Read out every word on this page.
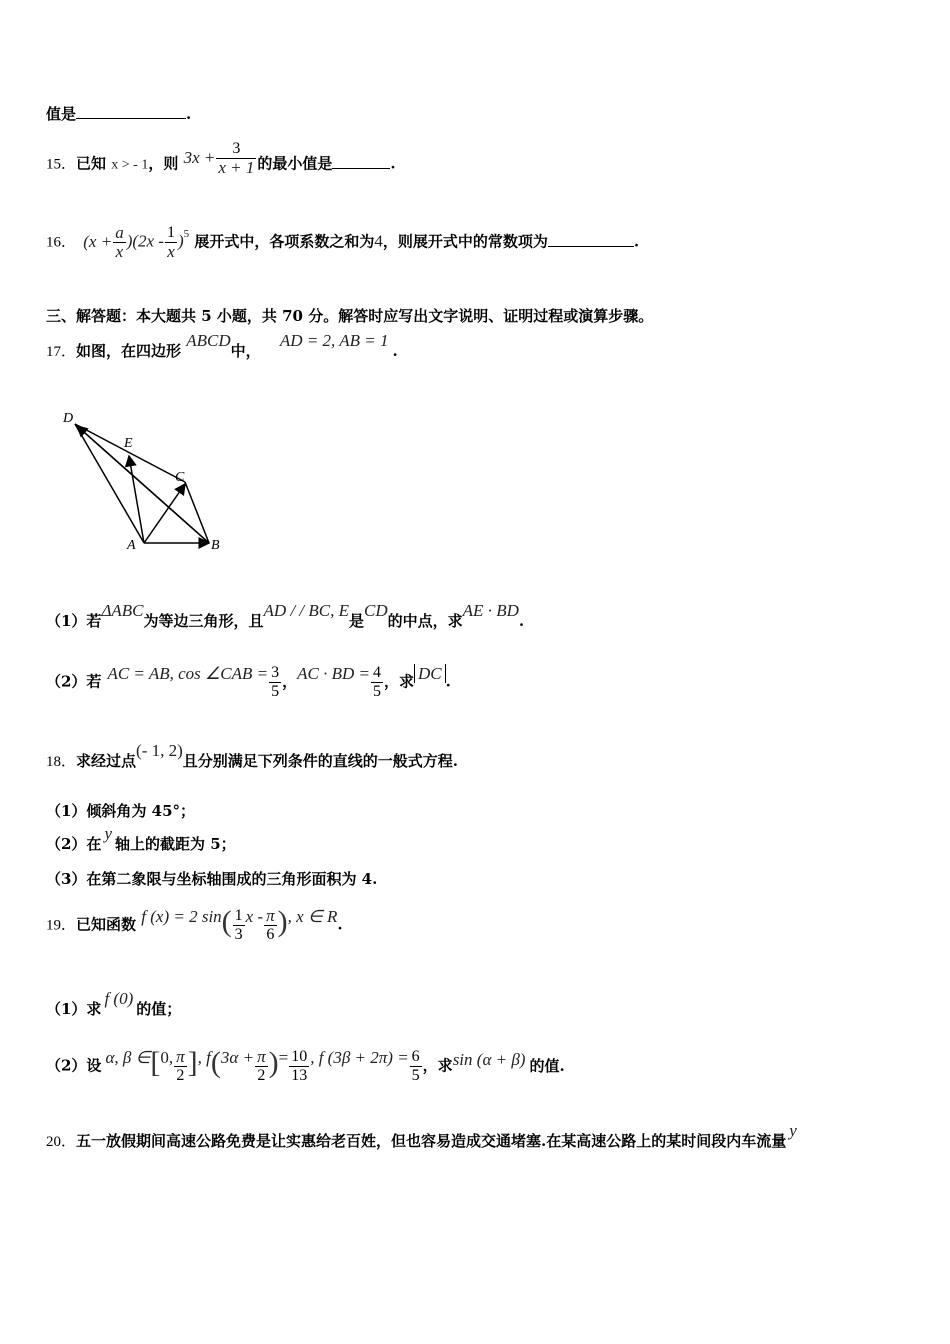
值是	.
15．已知 x > - 1，则 $3x + \frac{3}{x + 1}$ 的最小值是	.
16． $(x + \frac{a}{x} )(2x - \frac{1}{x} )^5$ 展开式中，各项系数之和为4，则展开式中的常数项为	.
三、解答题：本大题共 5 小题，共 70 分。解答时应写出文字说明、证明过程或演算步骤。
17．如图，在四边形 ABCD中， AD = 2, AB = 1.
D
E
C
A	B
（1）若ΔABC为等边三角形，且AD / / BC, E是CD的中点，求AE · BD.
（2）若 AC = AB, cos ∠CAB = $\frac{3}{5}$ ，AC · BD = $\frac{4}{5}$ ，求 DC .
18．求经过点(- 1, 2)且分别满足下列条件的直线的一般式方程.
（1）倾斜角为 45°；
（2）在y轴上的截距为 5；
（3）在第二象限与坐标轴围成的三角形面积为 4.
19．已知函数 f (x) = 2 $\sin( \frac{1}{3}$ x - $\frac{\pi}{6}$ ), x ∈ R.
（1）求f (0)的值；
（2）设 α, β ∈[0, $\frac{\pi}{2}$ ], $f(3\alpha + \frac{\pi}{2}$ )= $\frac{10}{13}$ , f $(3\beta + 2\pi) = \frac{6}{5}$ ，求sin (α + β) 的值.
20．五一放假期间高速公路免费是让实惠给老百姓，但也容易造成交通堵塞.在某高速公路上的某时间段内车流量y
